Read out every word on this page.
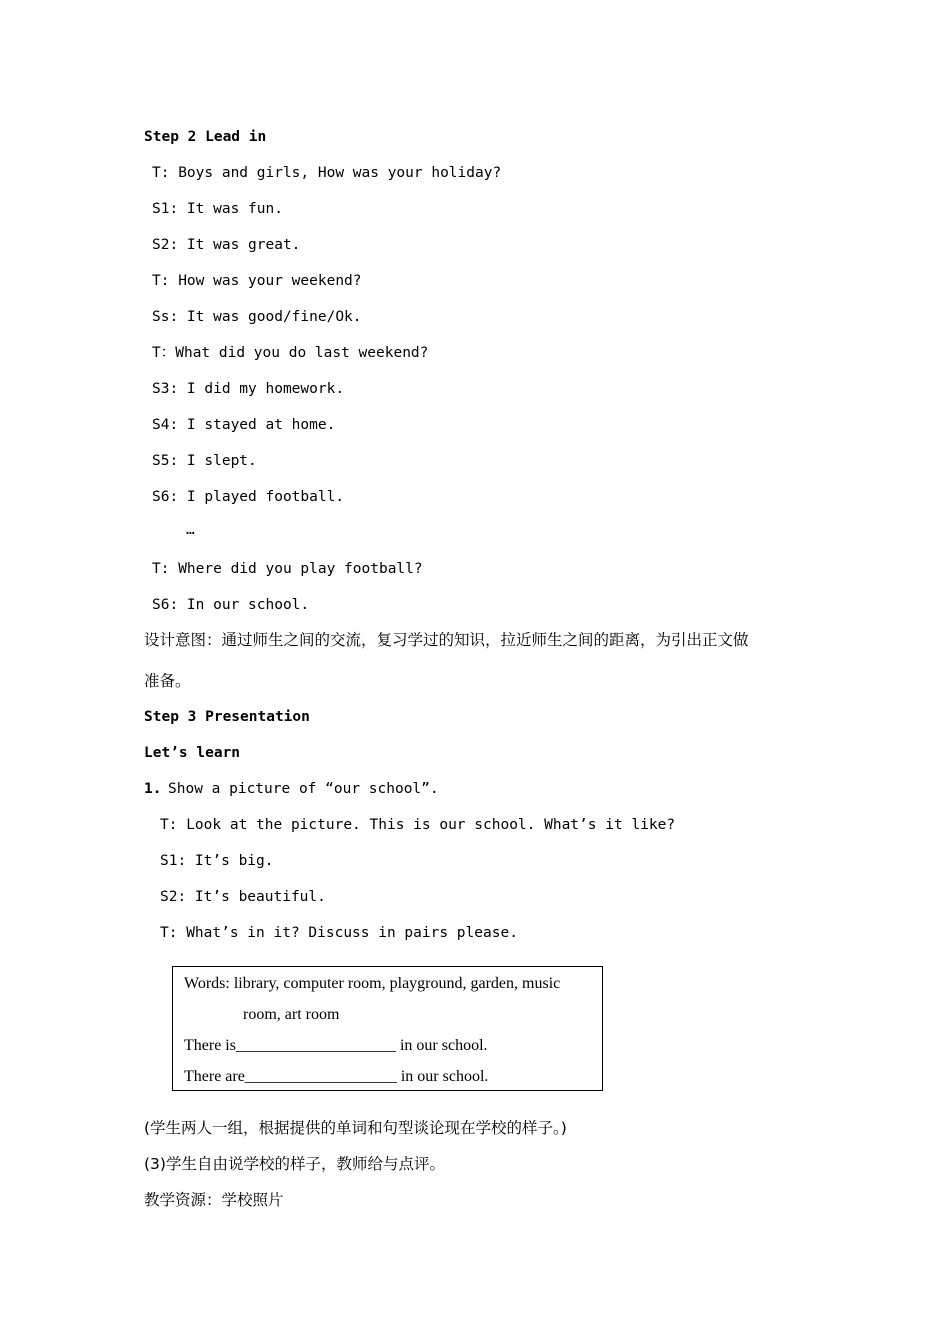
Step 2 Lead in
T: Boys and girls, How was your holiday?
S1: It was fun.
S2: It was great.
T: How was your weekend?
Ss: It was good/fine/Ok.
T：What did you do last weekend?
S3: I did my homework.
S4: I stayed at home.
S5: I slept.
S6: I played football.
…
T: Where did you play football?
S6: In our school.
设计意图：通过师生之间的交流，复习学过的知识，拉近师生之间的距离，为引出正文做
准备。
Step 3 Presentation
Let’s learn
1. Show a picture of “our school”.
T: Look at the picture. This is our school. What’s it like?
S1: It’s big.
S2: It’s beautiful.
T: What’s in it? Discuss in pairs please.
Words: library, computer room, playground, garden, music
room, art room
There is____________________ in our school.
There are___________________ in our school.
(学生两人一组，根据提供的单词和句型谈论现在学校的样子。)
(3)学生自由说学校的样子，教师给与点评。
教学资源：学校照片
